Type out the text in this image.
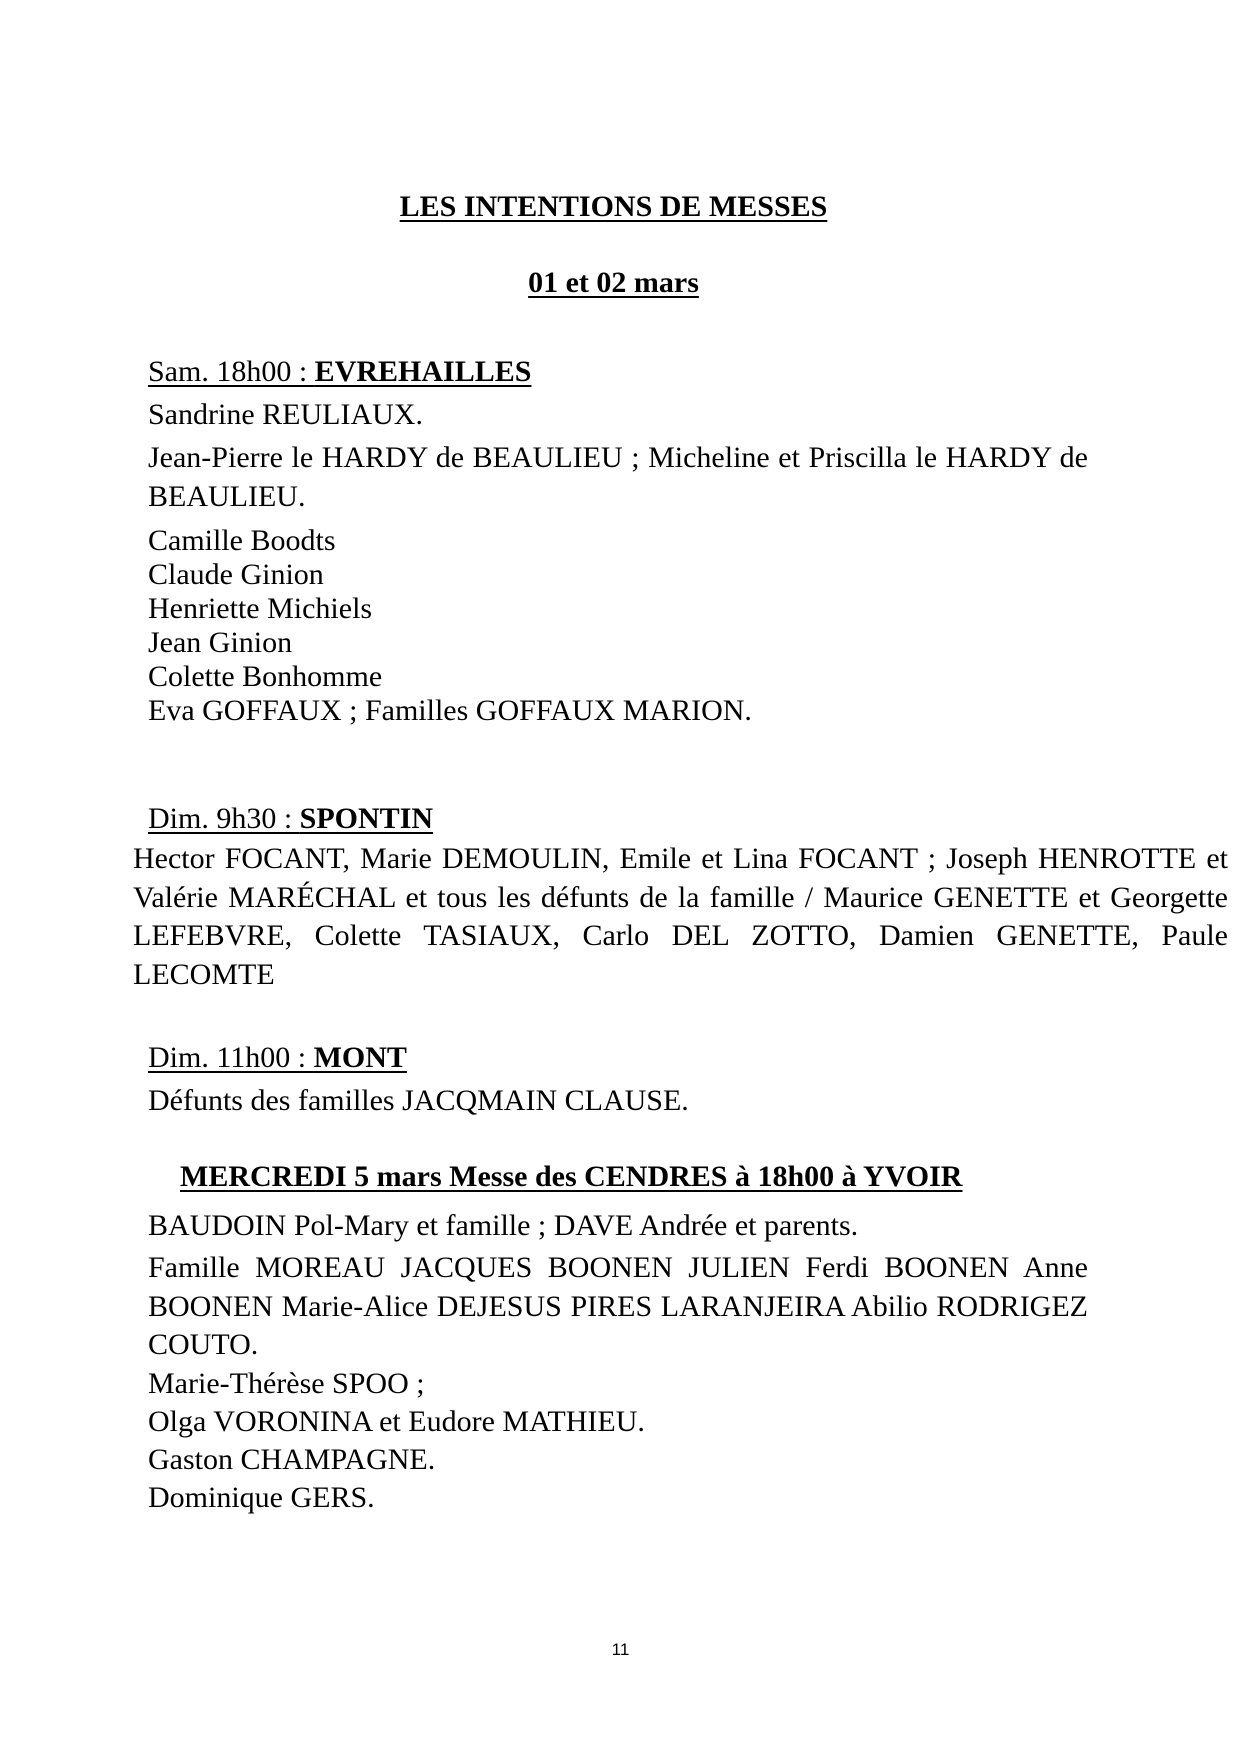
LES INTENTIONS DE MESSES
01 et 02 mars
Sam. 18h00 : EVREHAILLES
Sandrine REULIAUX.
Jean-Pierre le HARDY de BEAULIEU ; Micheline et Priscilla le HARDY de BEAULIEU.
Camille Boodts
Claude Ginion
Henriette Michiels
Jean Ginion
Colette Bonhomme
Eva GOFFAUX ; Familles GOFFAUX MARION.
Dim. 9h30 : SPONTIN
Hector FOCANT, Marie DEMOULIN, Emile et Lina FOCANT ; Joseph HENROTTE et Valérie MARÉCHAL et tous les défunts de la famille / Maurice GENETTE et Georgette LEFEBVRE, Colette TASIAUX, Carlo DEL ZOTTO, Damien GENETTE, Paule LECOMTE
Dim. 11h00 : MONT
Défunts des familles JACQMAIN CLAUSE.
MERCREDI 5 mars Messe des CENDRES à 18h00 à YVOIR
BAUDOIN Pol-Mary et famille ; DAVE Andrée et parents.
Famille MOREAU JACQUES BOONEN JULIEN Ferdi BOONEN Anne BOONEN Marie-Alice DEJESUS PIRES LARANJEIRA Abilio RODRIGEZ COUTO.
Marie-Thérèse SPOO ;
Olga VORONINA et Eudore MATHIEU.
Gaston CHAMPAGNE.
Dominique GERS.
11
